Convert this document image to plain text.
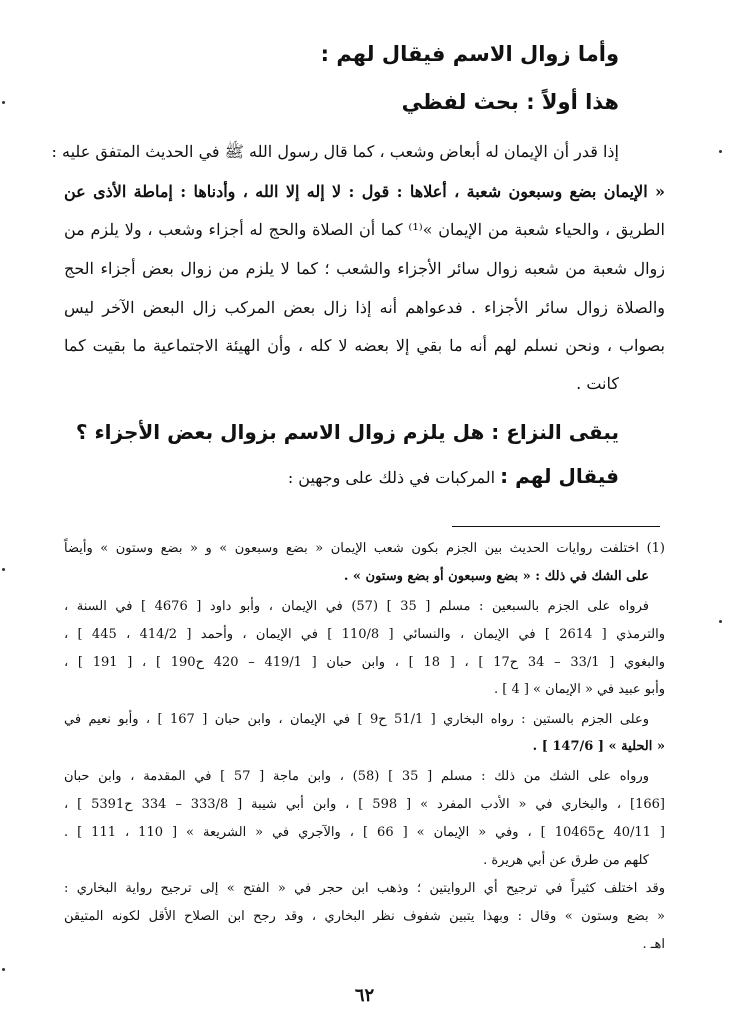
وأما زوال الاسم فيقال لهم :
هذا أولاً : بحث لفظي
إذا قدر أن الإيمان له أبعاض وشعب ، كما قال رسول الله ﷺ في الحديث المتفق عليه :
« الإيمان بضع وسبعون شعبة ، أعلاها : قول : لا إله إلا الله ، وأدناها : إماطة الأذى عن
الطريق ، والحياء شعبة من الإيمان »⁽¹⁾ كما أن الصلاة والحج له أجزاء وشعب ، ولا يلزم من
زوال شعبة من شعبه زوال سائر الأجزاء والشعب ؛ كما لا يلزم من زوال بعض أجزاء الحج
والصلاة زوال سائر الأجزاء . فدعواهم أنه إذا زال بعض المركب زال البعض الآخر ليس
بصواب ، ونحن نسلم لهم أنه ما بقي إلا بعضه لا كله ، وأن الهيئة الاجتماعية ما بقيت كما
كانت .
يبقى النزاع : هل يلزم زوال الاسم بزوال بعض الأجزاء ؟
فيقال لهم : المركبات في ذلك على وجهين :
(1) اختلفت روايات الحديث بين الجزم بكون شعب الإيمان « بضع وسبعون » و « بضع وستون » وأيضاً
على الشك في ذلك : « بضع وسبعون أو بضع وستون » .
فرواه على الجزم بالسبعين : مسلم [ 35 ] (57) في الإيمان ، وأبو داود [ 4676 ] في السنة ،
والترمذي [ 2614 ] في الإيمان ، والنسائي [ 110/8 ] في الإيمان ، وأحمد [ 414/2 ، 445 ] ،
والبغوي [ 33/1 – 34 ح17 ] ، [ 18 ] ، وابن حبان [ 419/1 – 420 ح190 ] ، [ 191 ] ،
وأبو عبيد في « الإيمان » [ 4 ] .
وعلى الجزم بالستين : رواه البخاري [ 51/1 ح9 ] في الإيمان ، وابن حبان [ 167 ] ، وأبو نعيم في
« الحلية » [ 147/6 ] .
ورواه على الشك من ذلك : مسلم [ 35 ] (58) ، وابن ماجة [ 57 ] في المقدمة ، وابن حبان
[166] ، والبخاري في « الأدب المفرد » [ 598 ] ، وابن أبي شيبة [ 333/8 – 334 ح5391 ] ،
[ 40/11 ح10465 ] ، وفي « الإيمان » [ 66 ] ، والآجري في « الشريعة » [ 110 ، 111 ] .
كلهم من طرق عن أبي هريرة .
وقد اختلف كثيراً في ترجيح أي الروايتين ؛ وذهب ابن حجر في « الفتح » إلى ترجيح رواية البخاري :
« بضع وستون » وقال : وبهذا يتبين شفوف نظر البخاري ، وقد رجح ابن الصلاح الأقل لكونه المتيقن
اهـ .
٦٢
